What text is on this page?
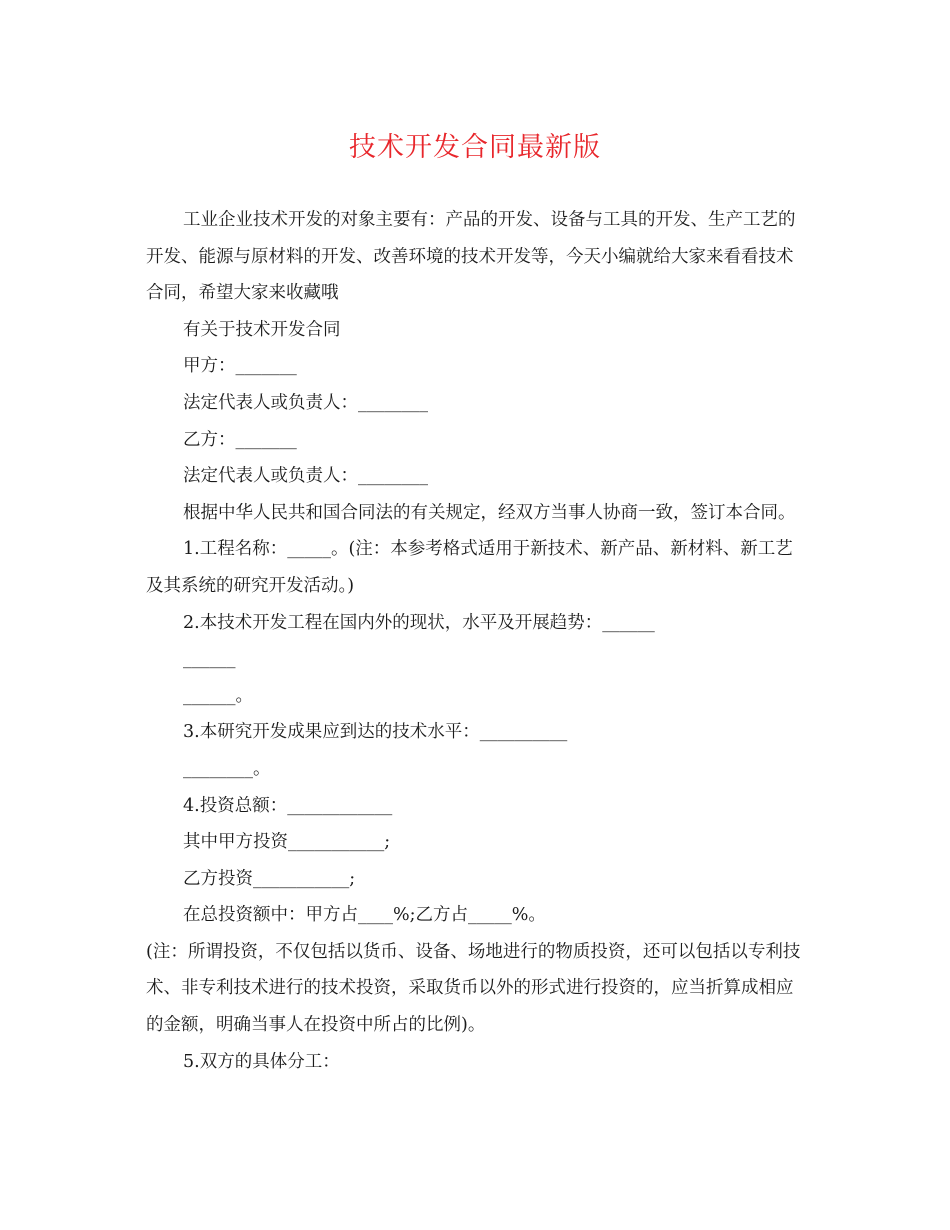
技术开发合同最新版

工业企业技术开发的对象主要有：产品的开发、设备与工具的开发、生产工艺的开发、能源与原材料的开发、改善环境的技术开发等，今天小编就给大家来看看技术合同，希望大家来收藏哦

有关于技术开发合同

甲方：_______

法定代表人或负责人：________

乙方：_______

法定代表人或负责人：________

根据中华人民共和国合同法的有关规定，经双方当事人协商一致，签订本合同。

1.工程名称：_____。(注：本参考格式适用于新技术、新产品、新材料、新工艺及其系统的研究开发活动。)

2.本技术开发工程在国内外的现状，水平及开展趋势：______

______

______。

3.本研究开发成果应到达的技术水平：__________

________。

4.投资总额：____________

其中甲方投资___________;

乙方投资___________;

在总投资额中：甲方占____%;乙方占_____%。

(注：所谓投资，不仅包括以货币、设备、场地进行的物质投资，还可以包括以专利技术、非专利技术进行的技术投资，采取货币以外的形式进行投资的，应当折算成相应的金额，明确当事人在投资中所占的比例)。

5.双方的具体分工：
